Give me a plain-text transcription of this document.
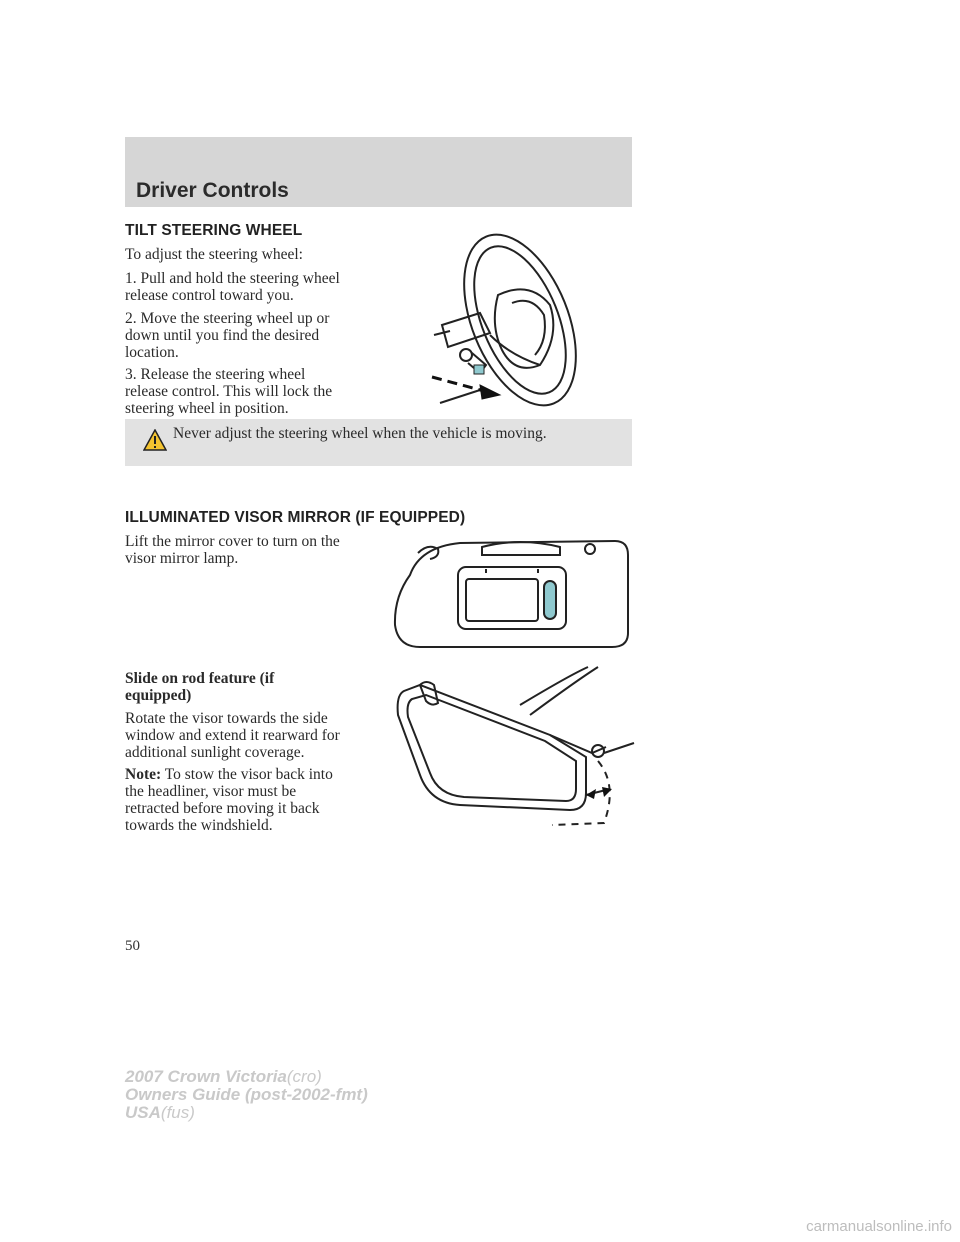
Driver Controls
TILT STEERING WHEEL

To adjust the steering wheel:

1. Pull and hold the steering wheel
release control toward you.

2. Move the steering wheel up or
down until you find the desired
location.

3. Release the steering wheel
release control. This will lock the
steering wheel in position.

Never adjust the steering wheel when the vehicle is moving.

ILLUMINATED VISOR MIRROR (IF EQUIPPED)

Lift the mirror cover to turn on the
visor mirror lamp.

Slide on rod feature (if
equipped)

Rotate the visor towards the side
window and extend it rearward for
additional sunlight coverage.

Note: To stow the visor back into
the headliner, visor must be
retracted before moving it back
towards the windshield.

50
2007 Crown Victoria(cro)
Owners Guide (post-2002-fmt)
USA(fus)
carmanualsonline.info
